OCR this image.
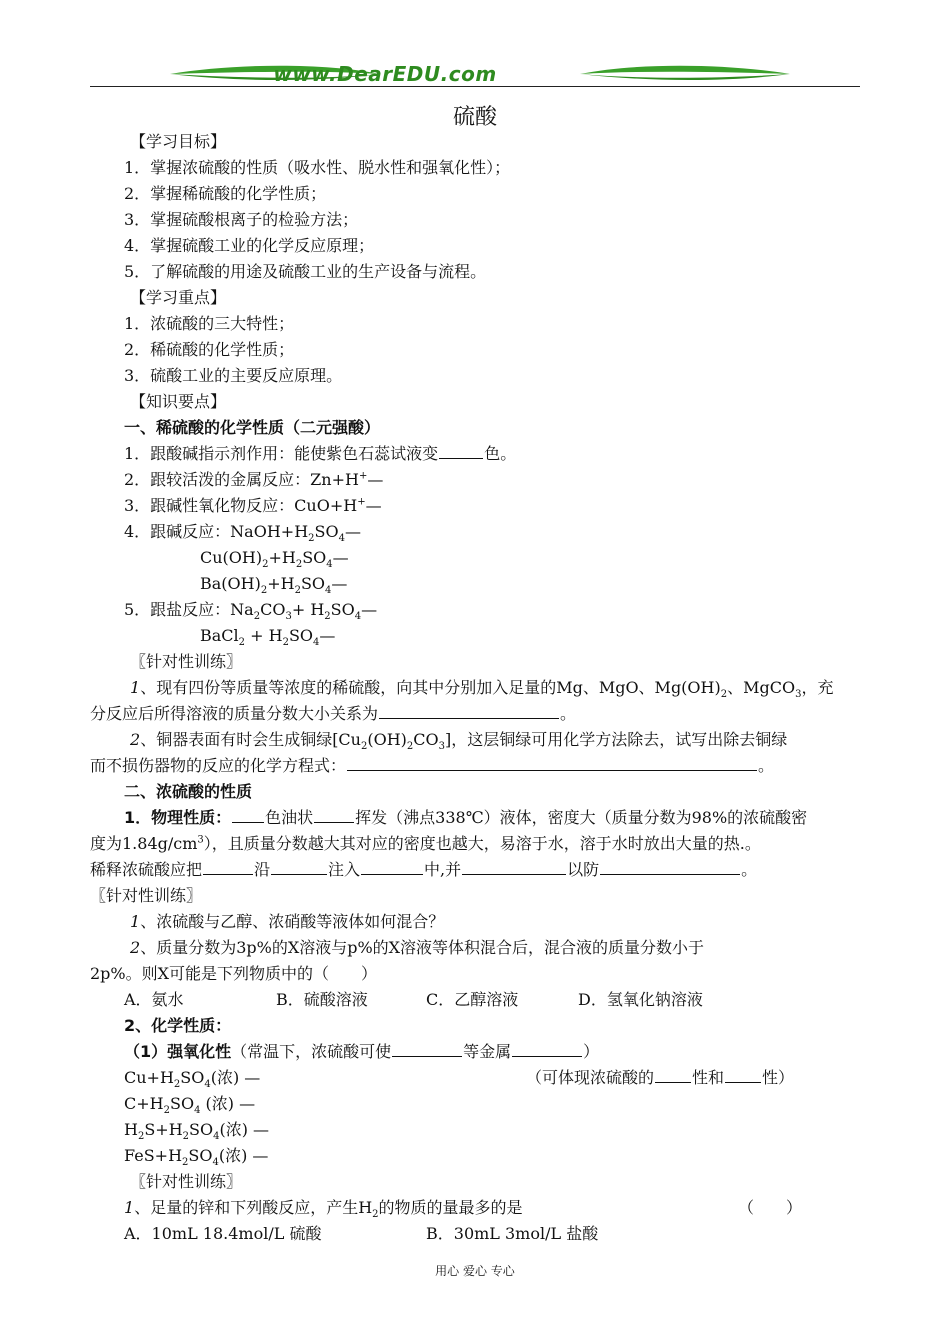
www.DearEDU.com
硫酸
【学习目标】
1．掌握浓硫酸的性质（吸水性、脱水性和强氧化性）；
2．掌握稀硫酸的化学性质；
3．掌握硫酸根离子的检验方法；
4．掌握硫酸工业的化学反应原理；
5．了解硫酸的用途及硫酸工业的生产设备与流程。
【学习重点】
1．浓硫酸的三大特性；
2．稀硫酸的化学性质；
3．硫酸工业的主要反应原理。
【知识要点】
一、稀硫酸的化学性质（二元强酸）
1．跟酸碱指示剂作用：能使紫色石蕊试液变	色。
2．跟较活泼的金属反应：Zn+H+—
3．跟碱性氧化物反应：CuO+H+—
4．跟碱反应：$NaOH+H_2SO_4—$
$Cu(OH)_2+H_2SO_4—$
$Ba(OH)_2+H_2SO_4—$
5．跟盐反应：$Na_2CO_3+$ $H_2SO_4—$
BaCl$_2$ + $H_2SO_4—$
〖针对性训练〗
1、现有四份等质量等浓度的稀硫酸，向其中分别加入足量的Mg、MgO、$Mg(OH)_2$、MgCO$_3$，充
分反应后所得溶液的质量分数大小关系为	。
2、铜器表面有时会生成铜绿$[Cu_2(OH)_2CO_3]$，这层铜绿可用化学方法除去，试写出除去铜绿
而不损伤器物的反应的化学方程式：	。
二、浓硫酸的性质
1．物理性质： 色油状	挥发（沸点338℃）液体，密度大（质量分数为98%的浓硫酸密
度为$1.84g/cm^3$），且质量分数越大其对应的密度也越大，易溶于水，溶于水时放出大量的热.。
稀释浓硫酸应把	沿	注入	中,并	以防	。
〖针对性训练〗
1、浓硫酸与乙醇、浓硝酸等液体如何混合？
2、质量分数为3p%的X溶液与p%的X溶液等体积混合后，混合液的质量分数小于
2p%。则X可能是下列物质中的（　　）
A．氨水	B．硫酸溶液	C．乙醇溶液	D．氢氧化钠溶液
2、化学性质：
（1）强氧化性（常温下，浓硫酸可使	等金属	）
$Cu+H_2SO_4$(浓) —	（可体现浓硫酸的 性和 性）
$C+H_2SO_4$ (浓) —
$H_2S+H_2SO_4$(浓) —
$FeS+H_2SO_4$(浓) —
〖针对性训练〗
1、足量的锌和下列酸反应，产生$H_2$的物质的量最多的是	（　　）
A．10mL 18.4mol/L 硫酸	B．30mL 3mol/L 盐酸
用心 爱心 专心
